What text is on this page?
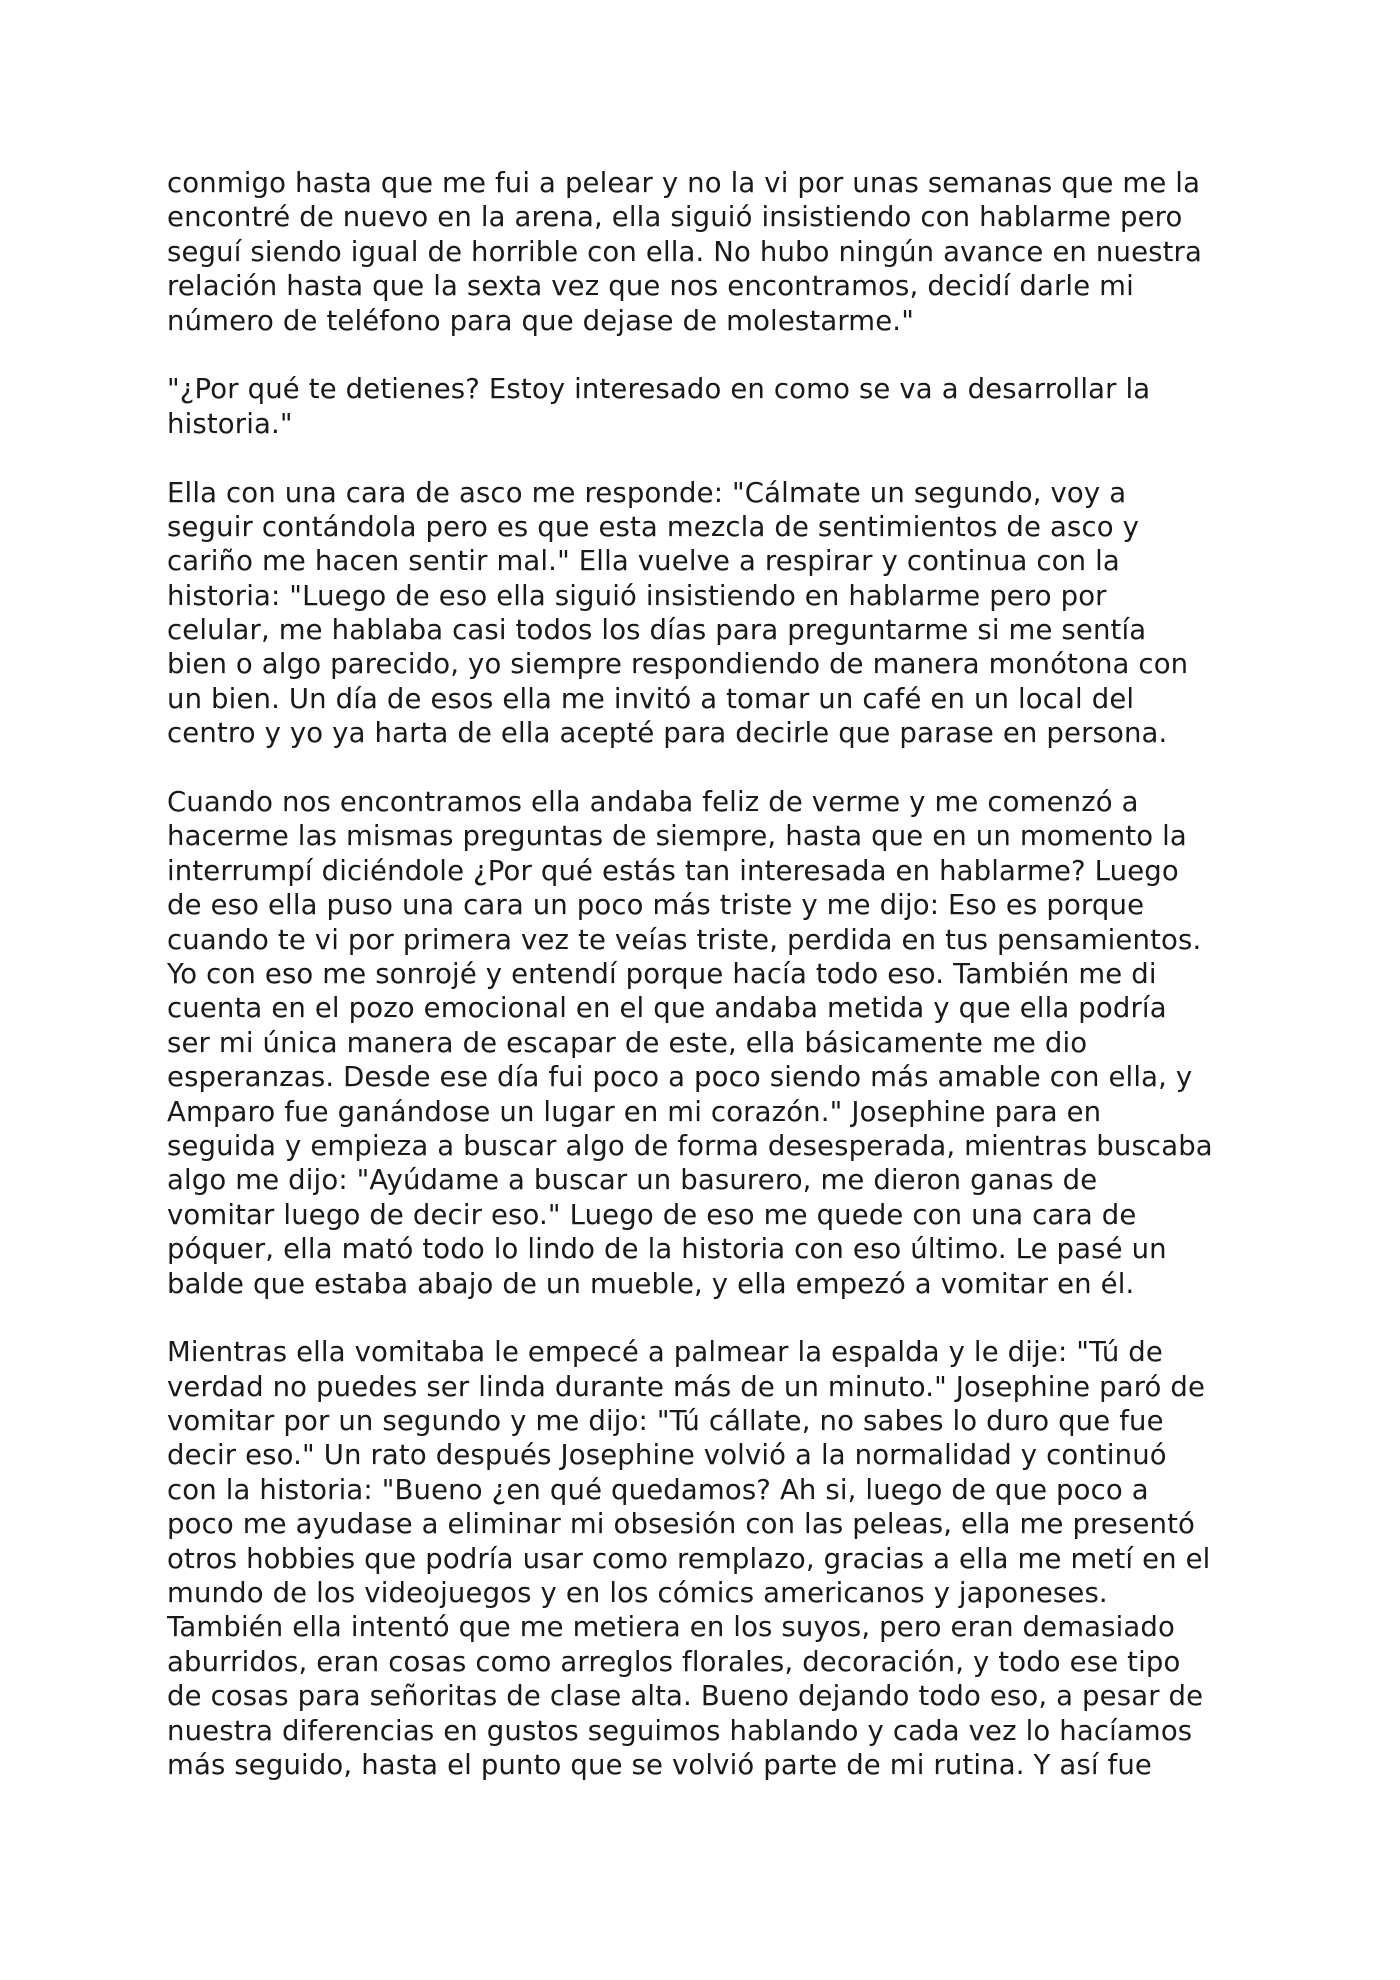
conmigo hasta que me fui a pelear y no la vi por unas semanas que me la
encontré de nuevo en la arena, ella siguió insistiendo con hablarme pero
seguí siendo igual de horrible con ella. No hubo ningún avance en nuestra
relación hasta que la sexta vez que nos encontramos, decidí darle mi
número de teléfono para que dejase de molestarme."
"¿Por qué te detienes? Estoy interesado en como se va a desarrollar la
historia."
Ella con una cara de asco me responde: "Cálmate un segundo, voy a
seguir contándola pero es que esta mezcla de sentimientos de asco y
cariño me hacen sentir mal." Ella vuelve a respirar y continua con la
historia: "Luego de eso ella siguió insistiendo en hablarme pero por
celular, me hablaba casi todos los días para preguntarme si me sentía
bien o algo parecido, yo siempre respondiendo de manera monótona con
un bien. Un día de esos ella me invitó a tomar un café en un local del
centro y yo ya harta de ella acepté para decirle que parase en persona.
Cuando nos encontramos ella andaba feliz de verme y me comenzó a
hacerme las mismas preguntas de siempre, hasta que en un momento la
interrumpí diciéndole ¿Por qué estás tan interesada en hablarme? Luego
de eso ella puso una cara un poco más triste y me dijo: Eso es porque
cuando te vi por primera vez te veías triste, perdida en tus pensamientos.
Yo con eso me sonrojé y entendí porque hacía todo eso. También me di
cuenta en el pozo emocional en el que andaba metida y que ella podría
ser mi única manera de escapar de este, ella básicamente me dio
esperanzas. Desde ese día fui poco a poco siendo más amable con ella, y
Amparo fue ganándose un lugar en mi corazón." Josephine para en
seguida y empieza a buscar algo de forma desesperada, mientras buscaba
algo me dijo: "Ayúdame a buscar un basurero, me dieron ganas de
vomitar luego de decir eso." Luego de eso me quede con una cara de
póquer, ella mató todo lo lindo de la historia con eso último. Le pasé un
balde que estaba abajo de un mueble, y ella empezó a vomitar en él.
Mientras ella vomitaba le empecé a palmear la espalda y le dije: "Tú de
verdad no puedes ser linda durante más de un minuto." Josephine paró de
vomitar por un segundo y me dijo: "Tú cállate, no sabes lo duro que fue
decir eso." Un rato después Josephine volvió a la normalidad y continuó
con la historia: "Bueno ¿en qué quedamos? Ah si, luego de que poco a
poco me ayudase a eliminar mi obsesión con las peleas, ella me presentó
otros hobbies que podría usar como remplazo, gracias a ella me metí en el
mundo de los videojuegos y en los cómics americanos y japoneses.
También ella intentó que me metiera en los suyos, pero eran demasiado
aburridos, eran cosas como arreglos florales, decoración, y todo ese tipo
de cosas para señoritas de clase alta. Bueno dejando todo eso, a pesar de
nuestra diferencias en gustos seguimos hablando y cada vez lo hacíamos
más seguido, hasta el punto que se volvió parte de mi rutina. Y así fue
